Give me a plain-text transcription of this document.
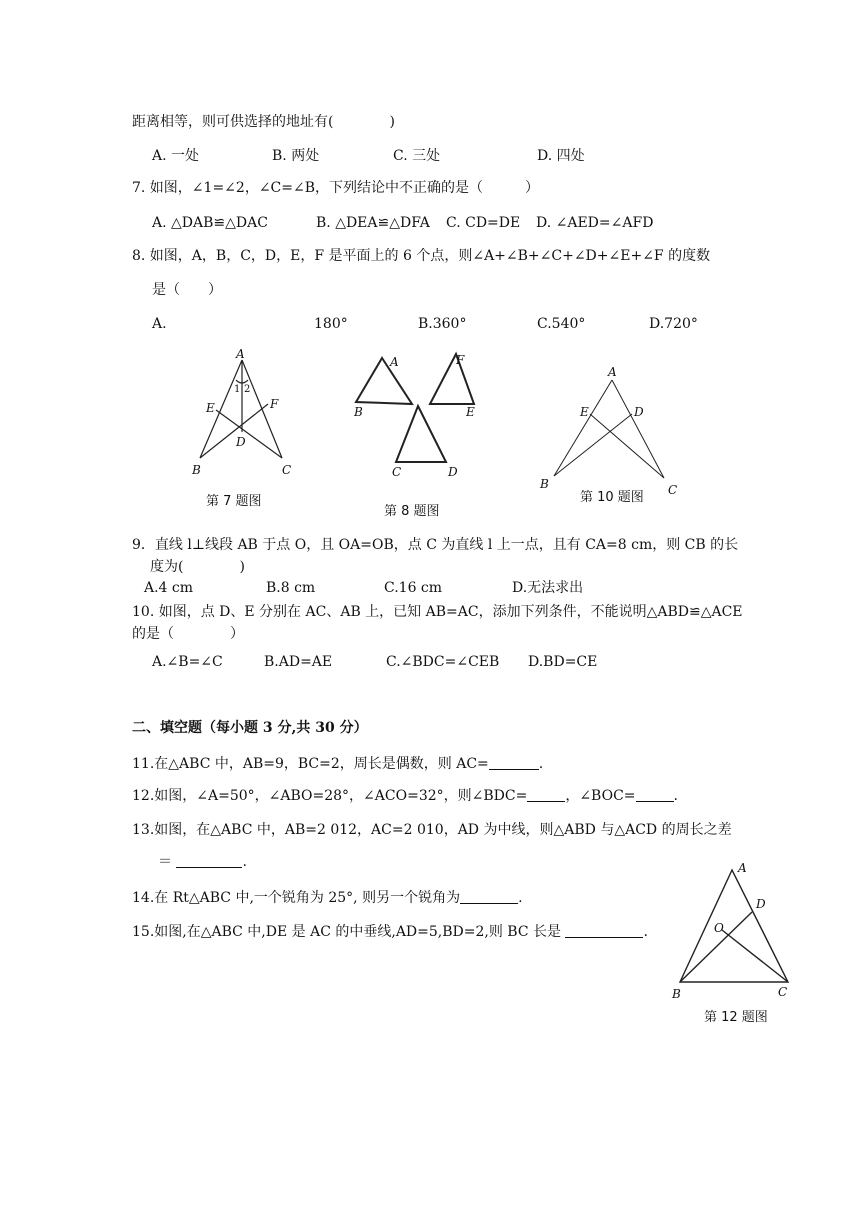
距离相等，则可供选择的地址有(　　　　)
A. 一处	B. 两处	C. 三处	D. 四处
7. 如图，∠1=∠2，∠C=∠B，下列结论中不正确的是（　　　）
A. △DAB≌△DAC	B. △DEA≌△DFA C. CD=DE D. ∠AED=∠AFD
8. 如图，A，B，C，D，E，F 是平面上的 6 个点，则∠A+∠B+∠C+∠D+∠E+∠F 的度数
是（　　）
A.	180°	B.360°	C.540°	D.720°
A
1 2
E	F
D
B	C
A	F
B	E
C	D
A
E	D
B	C
A
D
O
B	C
第 7 题图
第 8 题图
第 10 题图
第 12 题图
9．直线 l⊥线段 AB 于点 O，且 OA=OB，点 C 为直线 l 上一点，且有 CA=8 cm，则 CB 的长
度为(　　　　)
A.4 cm	B.8 cm	C.16 cm	D.无法求出
10. 如图，点 D、E 分别在 AC、AB 上，已知 AB=AC，添加下列条件，不能说明△ABD≌△ACE
的是（　　　　）
A.∠B=∠C	B.AD=AE	C.∠BDC=∠CEB D.BD=CE
二、填空题（每小题 3 分,共 30 分）
11.在△ABC 中，AB=9，BC=2，周长是偶数，则 AC=	.
12.如图，∠A=50°，∠ABO=28°，∠ACO=32°，则∠BDC=	，∠BOC=	.
13.如图，在△ABC 中，AB=2 012，AC=2 010，AD 为中线，则△ABD 与△ACD 的周长之差
＝	.
14.在 Rt△ABC 中,一个锐角为 25°, 则另一个锐角为	.
15.如图,在△ABC 中,DE 是 AC 的中垂线,AD=5,BD=2,则 BC 长是	.
